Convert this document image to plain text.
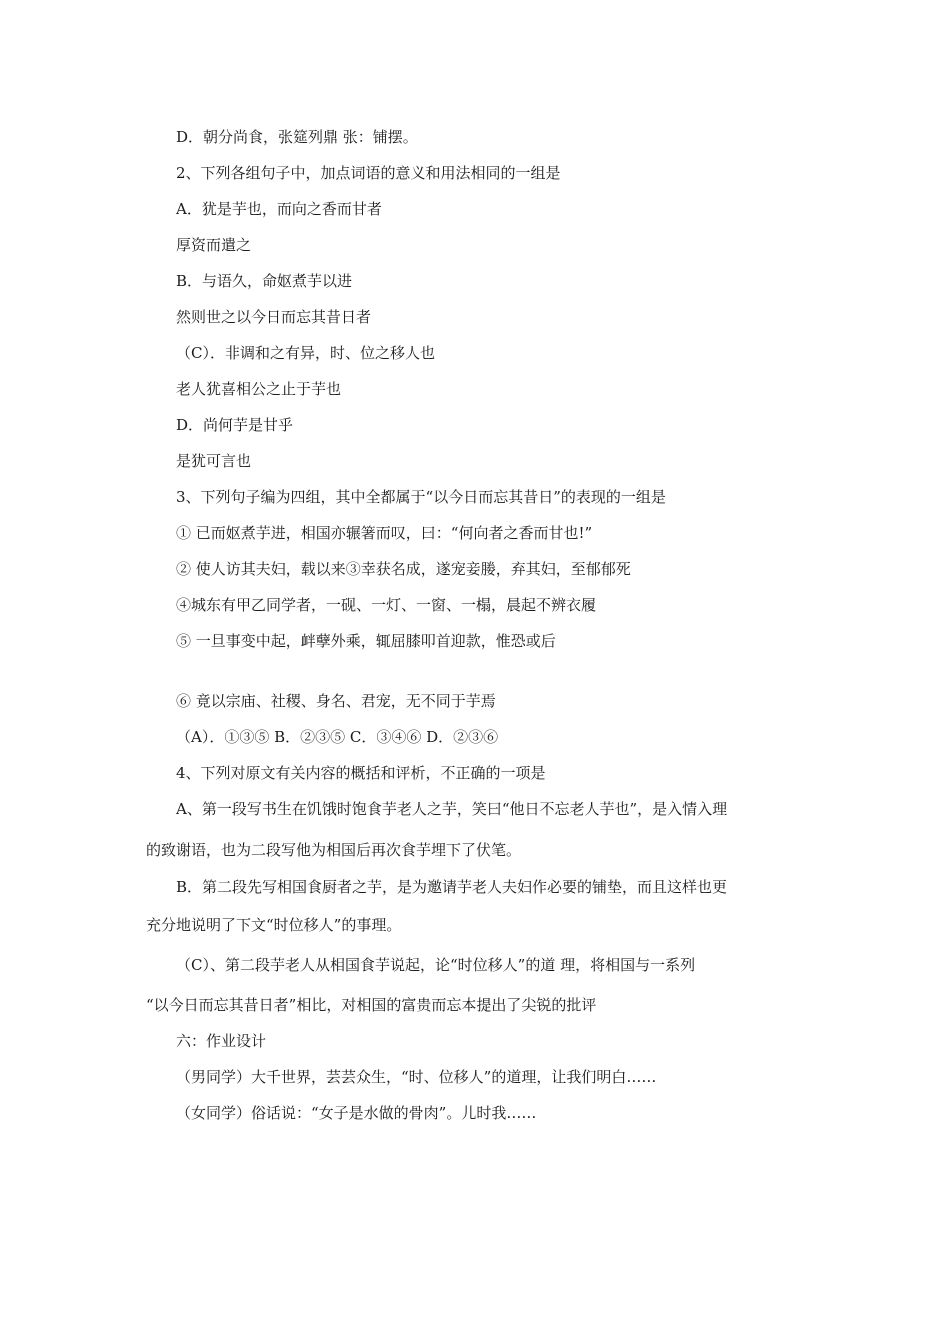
D．朝分尚食，张筵列鼎 张：铺摆。
2、下列各组句子中，加点词语的意义和用法相同的一组是
A．犹是芋也，而向之香而甘者
厚资而遣之
B．与语久，命妪煮芋以进
然则世之以今日而忘其昔日者
（C）．非调和之有异，时、位之移人也
老人犹喜相公之止于芋也
D．尚何芋是甘乎
是犹可言也
3、下列句子编为四组，其中全都属于“以今日而忘其昔日”的表现的一组是
① 已而妪煮芋进，相国亦辗箸而叹，曰：“何向者之香而甘也!”
② 使人访其夫妇，载以来③幸获名成，遂宠妾媵，弃其妇，至郁郁死
④城东有甲乙同学者，一砚、一灯、一窗、一榻，晨起不辨衣履
⑤ 一旦事变中起，衅孽外乘，辄屈膝叩首迎款，惟恐或后
⑥ 竟以宗庙、社稷、身名、君宠，无不同于芋焉
（A）．①③⑤ B．②③⑤ C．③④⑥ D．②③⑥
4、下列对原文有关内容的概括和评析，不正确的一项是
A、第一段写书生在饥饿时饱食芋老人之芋，笑曰“他日不忘老人芋也”，是入情入理
的致谢语，也为二段写他为相国后再次食芋埋下了伏笔。
B．第二段先写相国食厨者之芋，是为邀请芋老人夫妇作必要的铺垫，而且这样也更
充分地说明了下文“时位移人”的事理。
（C）、第二段芋老人从相国食芋说起，论“时位移人”的道 理，将相国与一系列
“以今日而忘其昔日者”相比，对相国的富贵而忘本提出了尖锐的批评
六：作业设计
（男同学）大千世界，芸芸众生，“时、位移人”的道理，让我们明白……
（女同学）俗话说：“女子是水做的骨肉”。儿时我……
